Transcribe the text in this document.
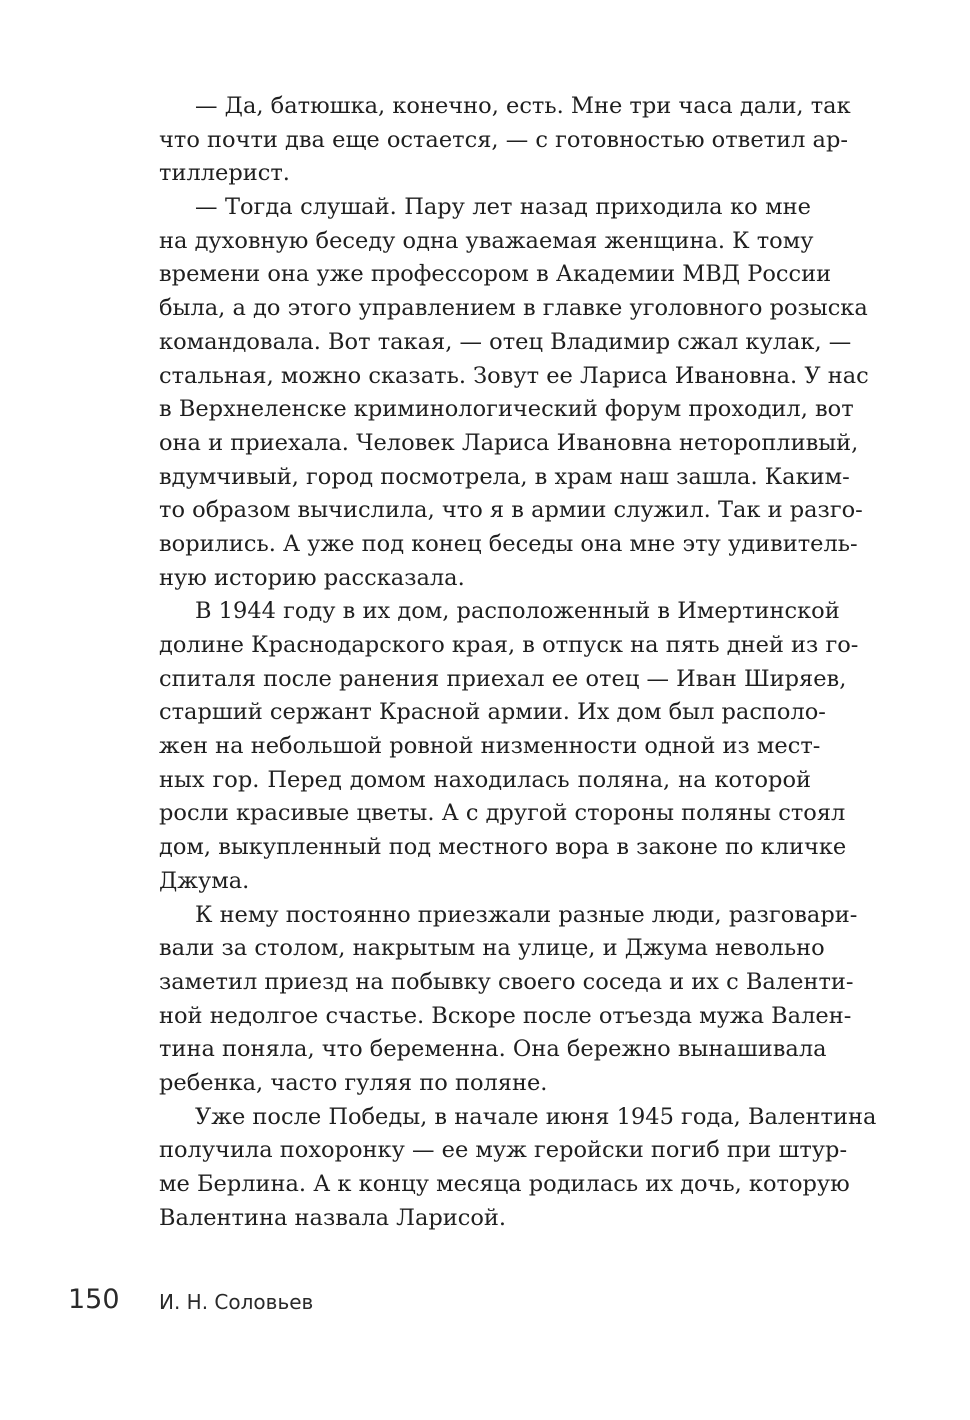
— Да, батюшка, конечно, есть. Мне три часа дали, так
что почти два еще остается, — с готовностью ответил ар-
тиллерист.
— Тогда слушай. Пару лет назад приходила ко мне
на духовную беседу одна уважаемая женщина. К тому
времени она уже профессором в Академии МВД России
была, а до этого управлением в главке уголовного розыска
командовала. Вот такая, — отец Владимир сжал кулак, —
стальная, можно сказать. Зовут ее Лариса Ивановна. У нас
в Верхнеленске криминологический форум проходил, вот
она и приехала. Человек Лариса Ивановна неторопливый,
вдумчивый, город посмотрела, в храм наш зашла. Каким-
то образом вычислила, что я в армии служил. Так и разго-
ворились. А уже под конец беседы она мне эту удивитель-
ную историю рассказала.
В 1944 году в их дом, расположенный в Имертинской
долине Краснодарского края, в отпуск на пять дней из го-
спиталя после ранения приехал ее отец — Иван Ширяев,
старший сержант Красной армии. Их дом был располо-
жен на небольшой ровной низменности одной из мест-
ных гор. Перед домом находилась поляна, на которой
росли красивые цветы. А с другой стороны поляны стоял
дом, выкупленный под местного вора в законе по кличке
Джума.
К нему постоянно приезжали разные люди, разговари-
вали за столом, накрытым на улице, и Джума невольно
заметил приезд на побывку своего соседа и их с Валенти-
ной недолгое счастье. Вскоре после отъезда мужа Вален-
тина поняла, что беременна. Она бережно вынашивала
ребенка, часто гуляя по поляне.
Уже после Победы, в начале июня 1945 года, Валентина
получила похоронку — ее муж геройски погиб при штур-
ме Берлина. А к концу месяца родилась их дочь, которую
Валентина назвала Ларисой.
150 И. Н. Соловьев
